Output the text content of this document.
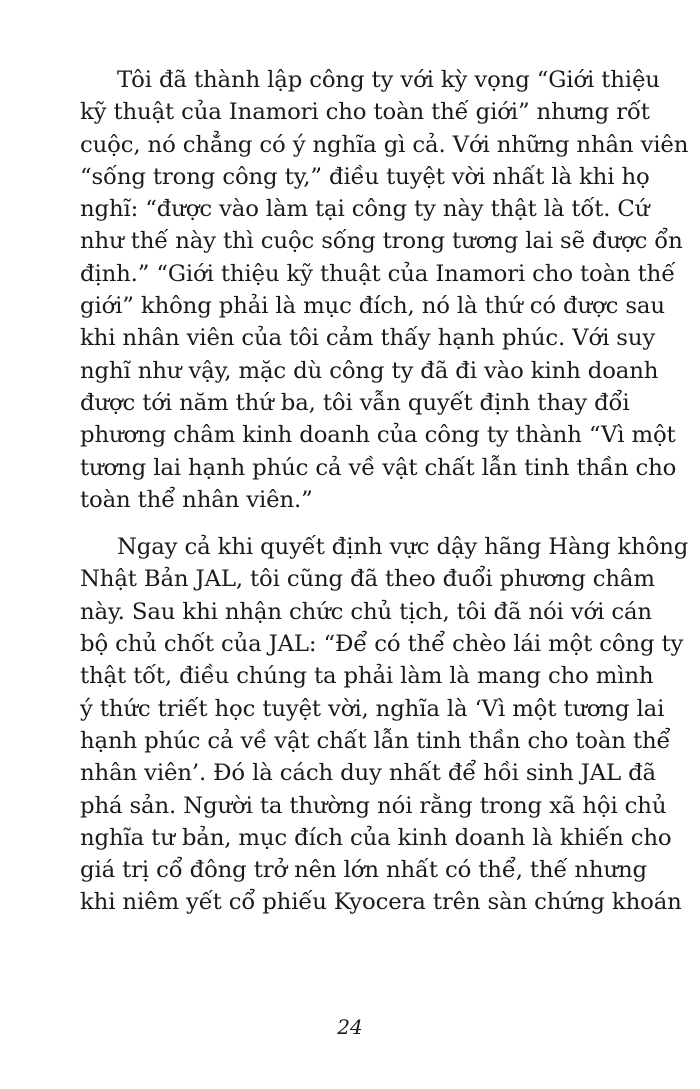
Tôi đã thành lập công ty với kỳ vọng “Giới thiệu
kỹ thuật của Inamori cho toàn thế giới” nhưng rốt
cuộc, nó chẳng có ý nghĩa gì cả. Với những nhân viên
“sống trong công ty,” điều tuyệt vời nhất là khi họ
nghĩ: “được vào làm tại công ty này thật là tốt. Cứ
như thế này thì cuộc sống trong tương lai sẽ được ổn
định.” “Giới thiệu kỹ thuật của Inamori cho toàn thế
giới” không phải là mục đích, nó là thứ có được sau
khi nhân viên của tôi cảm thấy hạnh phúc. Với suy
nghĩ như vậy, mặc dù công ty đã đi vào kinh doanh
được tới năm thứ ba, tôi vẫn quyết định thay đổi
phương châm kinh doanh của công ty thành “Vì một
tương lai hạnh phúc cả về vật chất lẫn tinh thần cho
toàn thể nhân viên.”
Ngay cả khi quyết định vực dậy hãng Hàng không
Nhật Bản JAL, tôi cũng đã theo đuổi phương châm
này. Sau khi nhận chức chủ tịch, tôi đã nói với cán
bộ chủ chốt của JAL: “Để có thể chèo lái một công ty
thật tốt, điều chúng ta phải làm là mang cho mình
ý thức triết học tuyệt vời, nghĩa là ‘Vì một tương lai
hạnh phúc cả về vật chất lẫn tinh thần cho toàn thể
nhân viên’. Đó là cách duy nhất để hồi sinh JAL đã
phá sản. Người ta thường nói rằng trong xã hội chủ
nghĩa tư bản, mục đích của kinh doanh là khiến cho
giá trị cổ đông trở nên lớn nhất có thể, thế nhưng
khi niêm yết cổ phiếu Kyocera trên sàn chứng khoán
24
